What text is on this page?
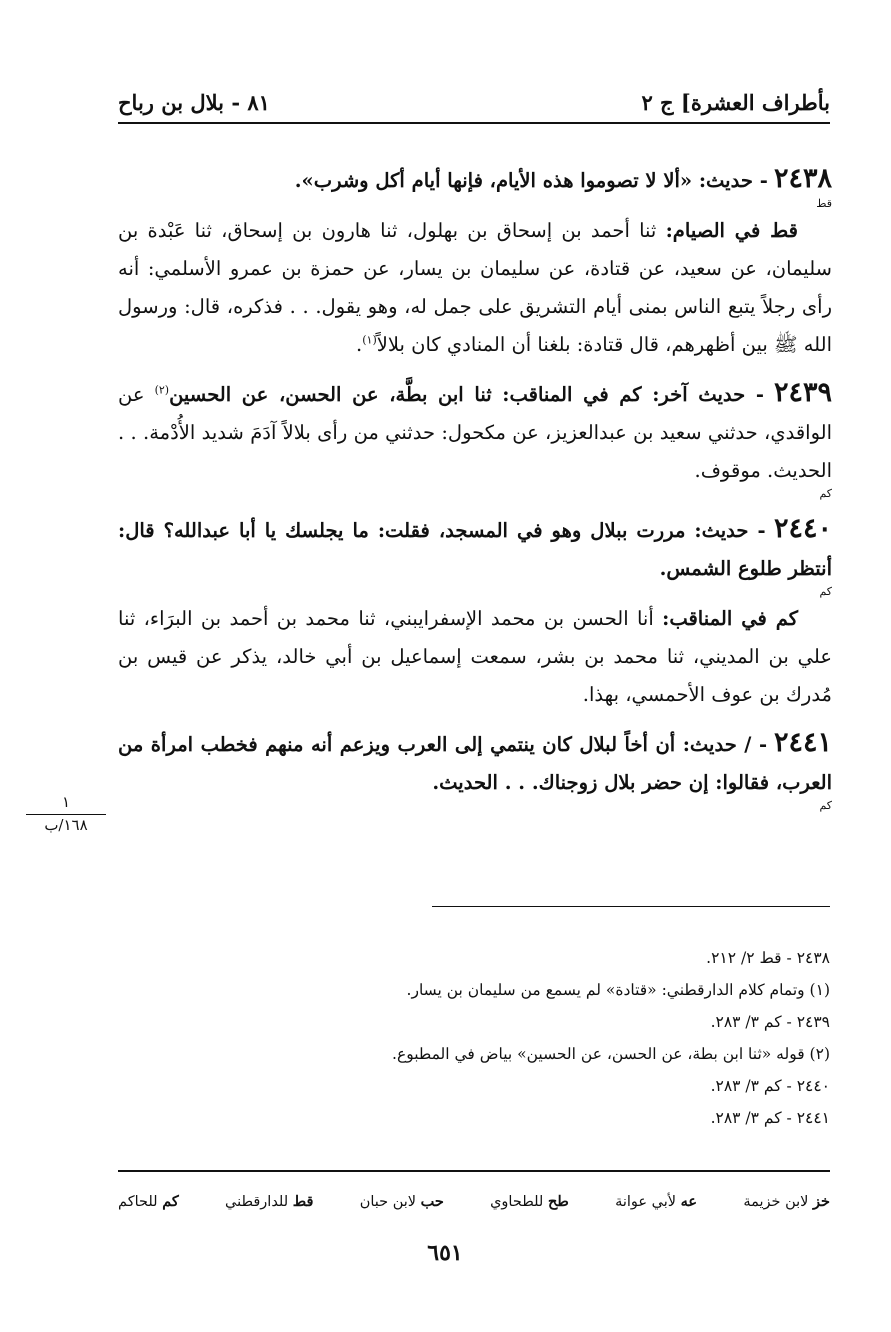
بأطراف العشرة] ج ٢
٨١ - بلال بن رباح
٢٤٣٨ - حديث: «ألا لا تصوموا هذه الأيام، فإنها أيام أكل وشرب».
قط

قط في الصيام: ثنا أحمد بن إسحاق بن بهلول، ثنا هارون بن إسحاق، ثنا عَبْدة بن سليمان، عن سعيد، عن قتادة، عن سليمان بن يسار، عن حمزة بن عمرو الأسلمي: أنه رأى رجلاً يتبع الناس بمنى أيام التشريق على جمل له، وهو يقول. . . فذكره، قال: ورسول الله ﷺ بين أظهرهم، قال قتادة: بلغنا أن المنادي كان بلالاً$^{(١)}$.

٢٤٣٩ - حديث آخر: كم في المناقب: ثنا ابن بطَّة، عن الحسن، عن الحسين$^{(٢)}$ عن الواقدي، حدثني سعيد بن عبدالعزيز، عن مكحول: حدثني من رأى بلالاً آدَمَ شديد الأُدْمة. . . الحديث. موقوف.
كم
٢٤٤٠ - حديث: مررت ببلال وهو في المسجد، فقلت: ما يجلسك يا أبا عبدالله؟ قال: أنتظر طلوع الشمس.
كم

كم في المناقب: أنا الحسن بن محمد الإسفرايبني، ثنا محمد بن أحمد بن البرَاء، ثنا علي بن المديني، ثنا محمد بن بشر، سمعت إسماعيل بن أبي خالد، يذكر عن قيس بن مُدرك بن عوف الأحمسي، بهذا.

٢٤٤١ - / حديث: أن أخاً لبلال كان ينتمي إلى العرب ويزعم أنه منهم فخطب امرأة من العرب، فقالوا: إن حضر بلال زوجناك. . . الحديث.
كم
١
١٦٨/ب
٢٤٣٨ - قط ٢/ ٢١٢.
(١) وتمام كلام الدارقطني: «قتادة» لم يسمع من سليمان بن يسار.
٢٤٣٩ - كم ٣/ ٢٨٣.
(٢) قوله «ثنا ابن بطة، عن الحسن، عن الحسين» بياض في المطبوع.
٢٤٤٠ - كم ٣/ ٢٨٣.
٢٤٤١ - كم ٣/ ٢٨٣.
خز لابن خزيمة
عه لأبي عوانة
طح للطحاوي
حب لابن حبان
قط للدارقطني
كم للحاكم
٦٥١
